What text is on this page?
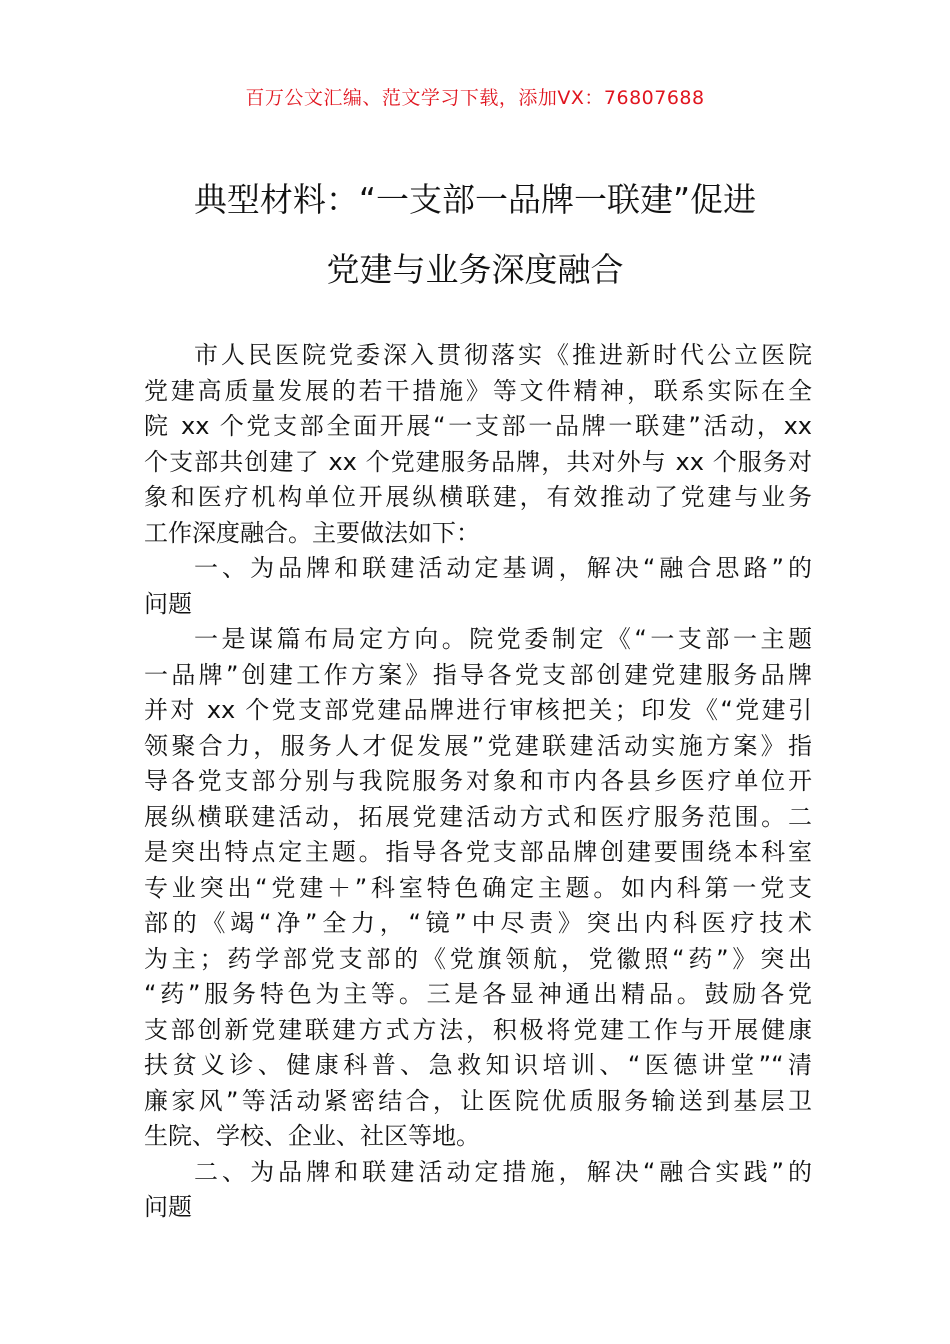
百万公文汇编、范文学习下载，添加VX：76807688
典型材料：“一支部一品牌一联建”促进
党建与业务深度融合
市人民医院党委深入贯彻落实《推进新时代公立医院
党建高质量发展的若干措施》等文件精神，联系实际在全
院 xx 个党支部全面开展“一支部一品牌一联建”活动，xx
个支部共创建了 xx 个党建服务品牌，共对外与 xx 个服务对
象和医疗机构单位开展纵横联建，有效推动了党建与业务
工作深度融合。主要做法如下：
一、为品牌和联建活动定基调，解决“融合思路”的
问题
一是谋篇布局定方向。院党委制定《“一支部一主题
一品牌”创建工作方案》指导各党支部创建党建服务品牌
并对 xx 个党支部党建品牌进行审核把关；印发《“党建引
领聚合力，服务人才促发展”党建联建活动实施方案》指
导各党支部分别与我院服务对象和市内各县乡医疗单位开
展纵横联建活动，拓展党建活动方式和医疗服务范围。二
是突出特点定主题。指导各党支部品牌创建要围绕本科室
专业突出“党建＋”科室特色确定主题。如内科第一党支
部的《竭“净”全力，“镜”中尽责》突出内科医疗技术
为主；药学部党支部的《党旗领航，党徽照“药”》突出
“药”服务特色为主等。三是各显神通出精品。鼓励各党
支部创新党建联建方式方法，积极将党建工作与开展健康
扶贫义诊、健康科普、急救知识培训、“医德讲堂”“清
廉家风”等活动紧密结合，让医院优质服务输送到基层卫
生院、学校、企业、社区等地。
二、为品牌和联建活动定措施，解决“融合实践”的
问题
